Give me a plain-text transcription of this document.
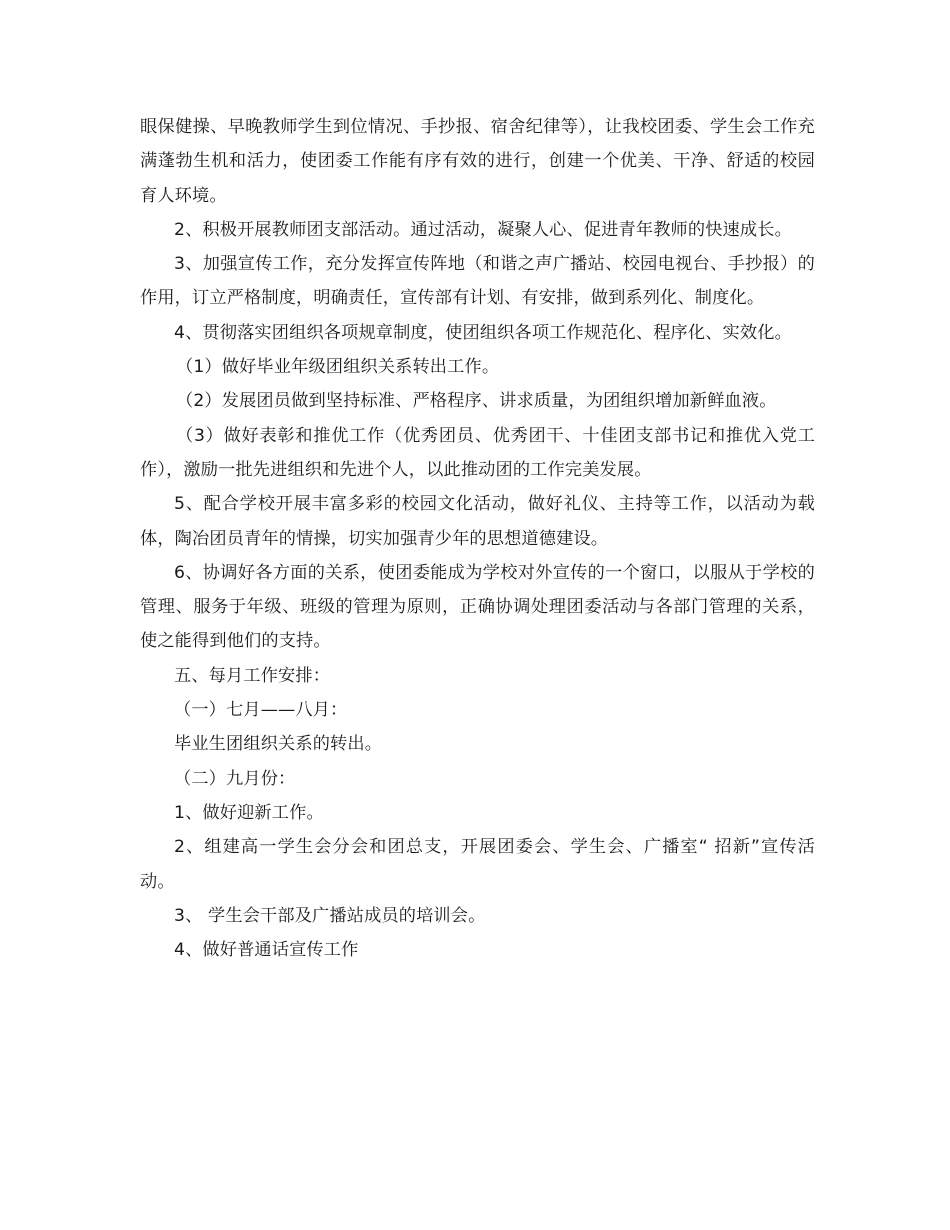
眼保健操、早晚教师学生到位情况、手抄报、宿舍纪律等），让我校团委、学生会工作充满蓬勃生机和活力，使团委工作能有序有效的进行，创建一个优美、干净、舒适的校园育人环境。

2、积极开展教师团支部活动。通过活动，凝聚人心、促进青年教师的快速成长。

3、加强宣传工作，充分发挥宣传阵地（和谐之声广播站、校园电视台、手抄报）的作用，订立严格制度，明确责任，宣传部有计划、有安排，做到系列化、制度化。

4、贯彻落实团组织各项规章制度，使团组织各项工作规范化、程序化、实效化。

（1）做好毕业年级团组织关系转出工作。

（2）发展团员做到坚持标准、严格程序、讲求质量，为团组织增加新鲜血液。

（3）做好表彰和推优工作（优秀团员、优秀团干、十佳团支部书记和推优入党工作），激励一批先进组织和先进个人，以此推动团的工作完美发展。

5、配合学校开展丰富多彩的校园文化活动，做好礼仪、主持等工作，以活动为载体，陶冶团员青年的情操，切实加强青少年的思想道德建设。

6、协调好各方面的关系，使团委能成为学校对外宣传的一个窗口，以服从于学校的管理、服务于年级、班级的管理为原则，正确协调处理团委活动与各部门管理的关系，使之能得到他们的支持。

五、每月工作安排：

（一）七月——八月：

毕业生团组织关系的转出。

（二）九月份：

1、做好迎新工作。

2、组建高一学生会分会和团总支，开展团委会、学生会、广播室“ 招新”宣传活动。

3、 学生会干部及广播站成员的培训会。

4、做好普通话宣传工作
